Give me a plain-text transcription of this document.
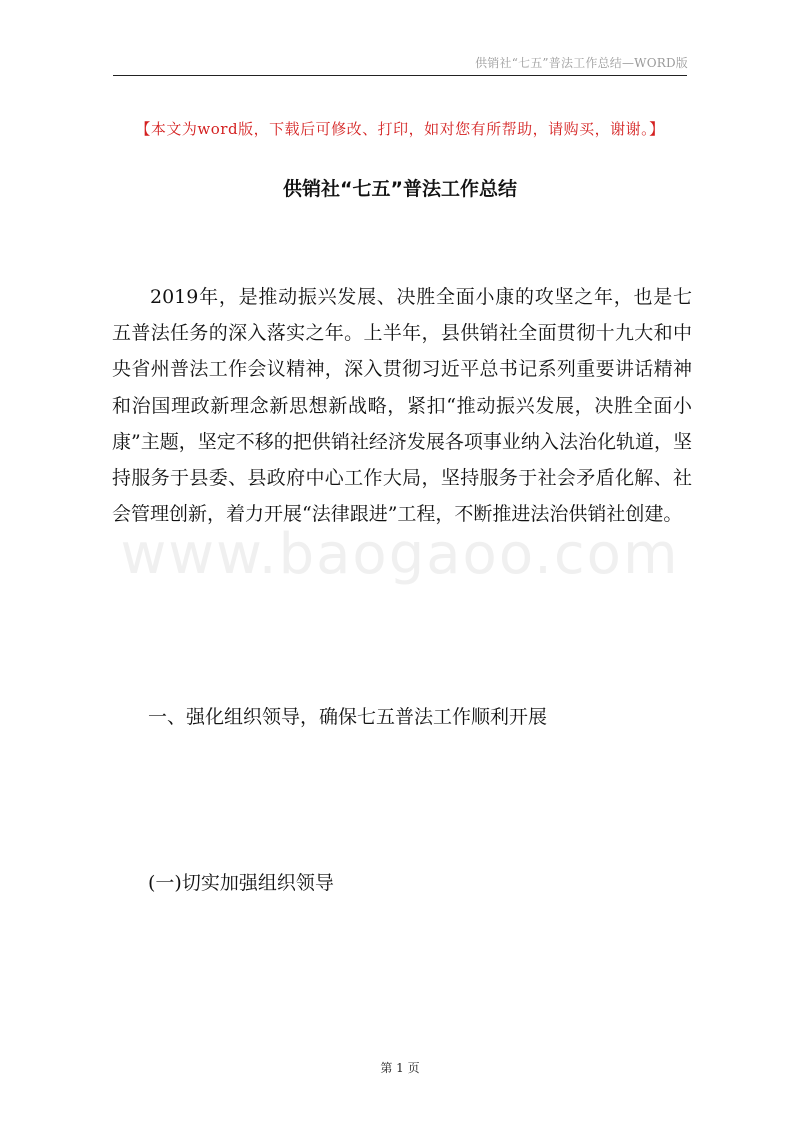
供销社“七五”普法工作总结—WORD版
【本文为word版，下载后可修改、打印，如对您有所帮助，请购买，谢谢。】
供销社“七五”普法工作总结
www.baogaoo.com

2019年，是推动振兴发展、决胜全面小康的攻坚之年，也是七五普法任务的深入落实之年。上半年，县供销社全面贯彻十九大和中央省州普法工作会议精神，深入贯彻习近平总书记系列重要讲话精神和治国理政新理念新思想新战略，紧扣“推动振兴发展，决胜全面小康”主题，坚定不移的把供销社经济发展各项事业纳入法治化轨道，坚持服务于县委、县政府中心工作大局，坚持服务于社会矛盾化解、社会管理创新，着力开展“法律跟进”工程，不断推进法治供销社创建。

一、强化组织领导，确保七五普法工作顺利开展
(一)切实加强组织领导
第 1 页
